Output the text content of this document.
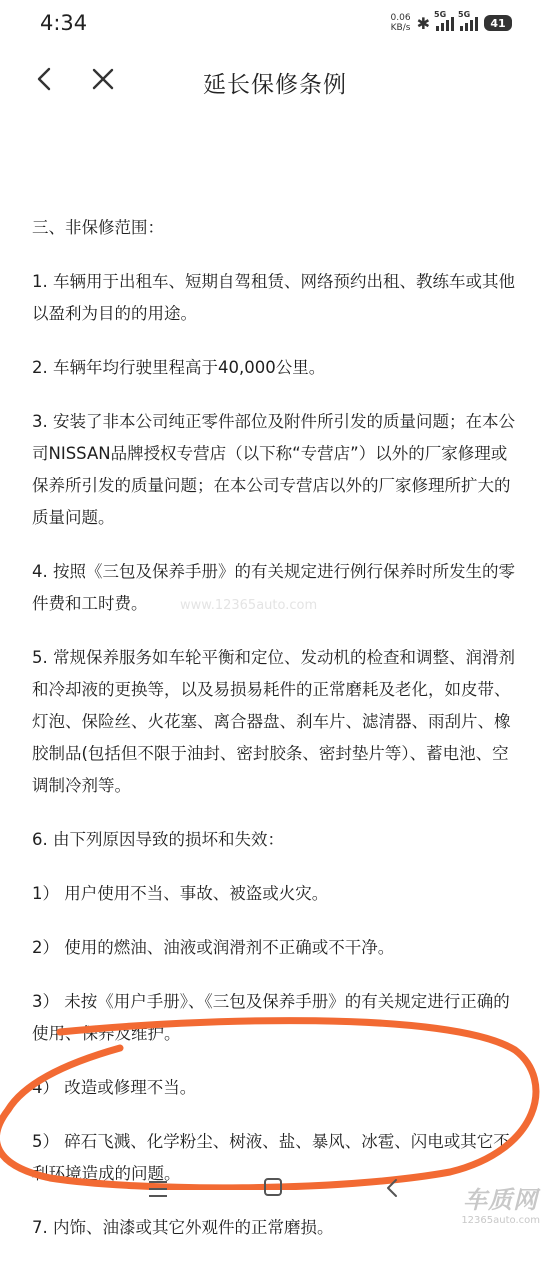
4:34	0.06
KB/s ✱ 5G 5G
41
延长保修条例
www.12365auto.com

三、非保修范围：

1. 车辆用于出租车、短期自驾租赁、网络预约出租、教练车或其他以盈利为目的的用途。

2. 车辆年均行驶里程高于40,000公里。

3. 安装了非本公司纯正零件部位及附件所引发的质量问题；在本公司NISSAN品牌授权专营店（以下称“专营店”）以外的厂家修理或保养所引发的质量问题；在本公司专营店以外的厂家修理所扩大的质量问题。

4. 按照《三包及保养手册》的有关规定进行例行保养时所发生的零件费和工时费。

5. 常规保养服务如车轮平衡和定位、发动机的检查和调整、润滑剂和冷却液的更换等，以及易损易耗件的正常磨耗及老化，如皮带、灯泡、保险丝、火花塞、离合器盘、刹车片、滤清器、雨刮片、橡胶制品(包括但不限于油封、密封胶条、密封垫片等）、蓄电池、空调制冷剂等。

6. 由下列原因导致的损坏和失效：

1） 用户使用不当、事故、被盗或火灾。

2） 使用的燃油、油液或润滑剂不正确或不干净。

3） 未按《用户手册》、《三包及保养手册》的有关规定进行正确的使用、保养及维护。

4） 改造或修理不当。

5） 碎石飞溅、化学粉尘、树液、盐、暴风、冰雹、闪电或其它不利环境造成的问题。

7. 内饰、油漆或其它外观件的正常磨损。

车质网
12365auto.com
